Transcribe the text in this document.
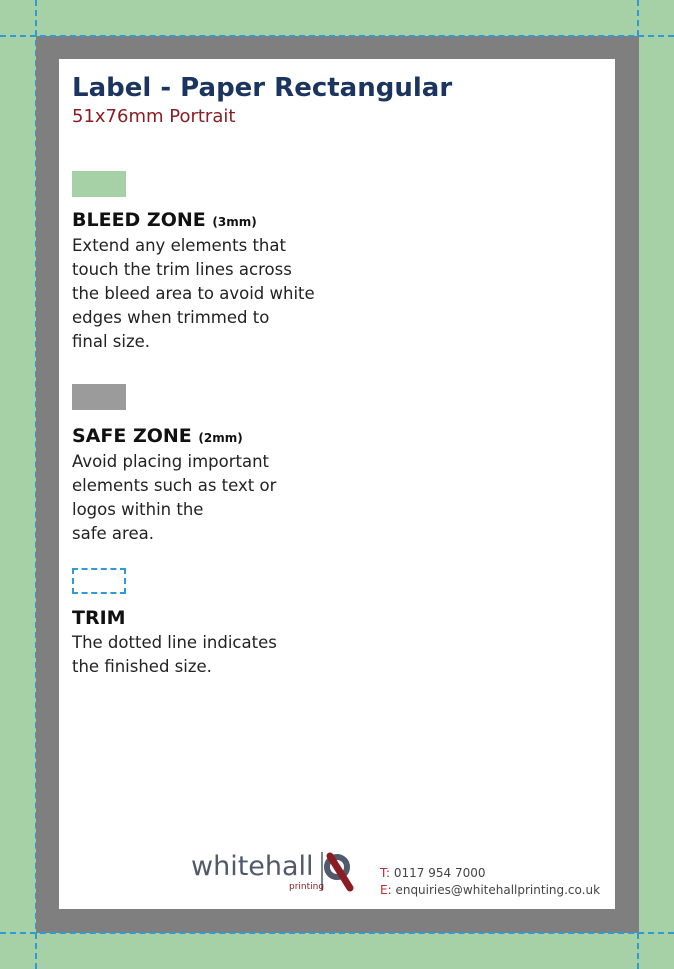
Label - Paper Rectangular
51x76mm Portrait
BLEED ZONE (3mm)
Extend any elements that
touch the trim lines across
the bleed area to avoid white
edges when trimmed to
final size.
SAFE ZONE (2mm)
Avoid placing important
elements such as text or
logos within the
safe area.
TRIM
The dotted line indicates
the finished size.
whitehall
printing
T: 0117 954 7000
E: enquiries@whitehallprinting.co.uk
